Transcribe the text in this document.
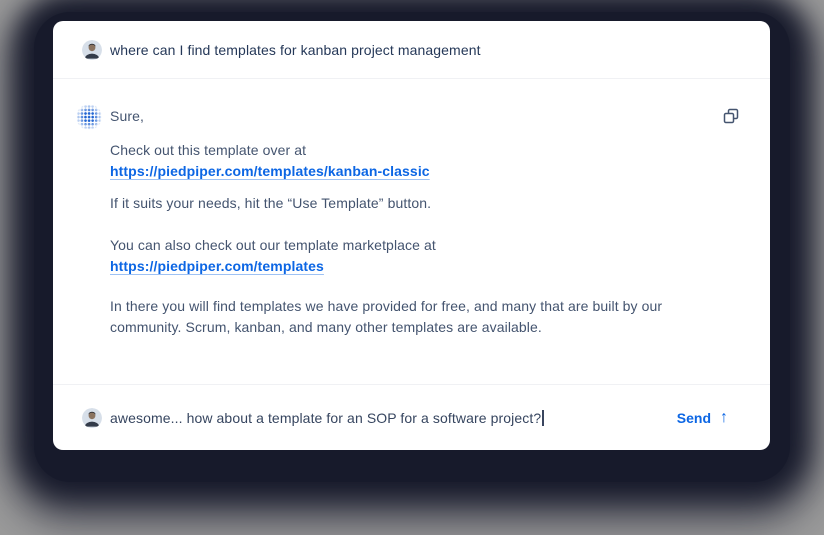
where can I find templates for kanban project management

Sure,

Check out this template over at
https://piedpiper.com/templates/kanban-classic

If it suits your needs, hit the “Use Template” button.

You can also check out our template marketplace at
https://piedpiper.com/templates

In there you will find templates we have provided for free, and many that are built by our
community. Scrum, kanban, and many other templates are available.

awesome... how about a template for an SOP for a software project?	Send ↑
